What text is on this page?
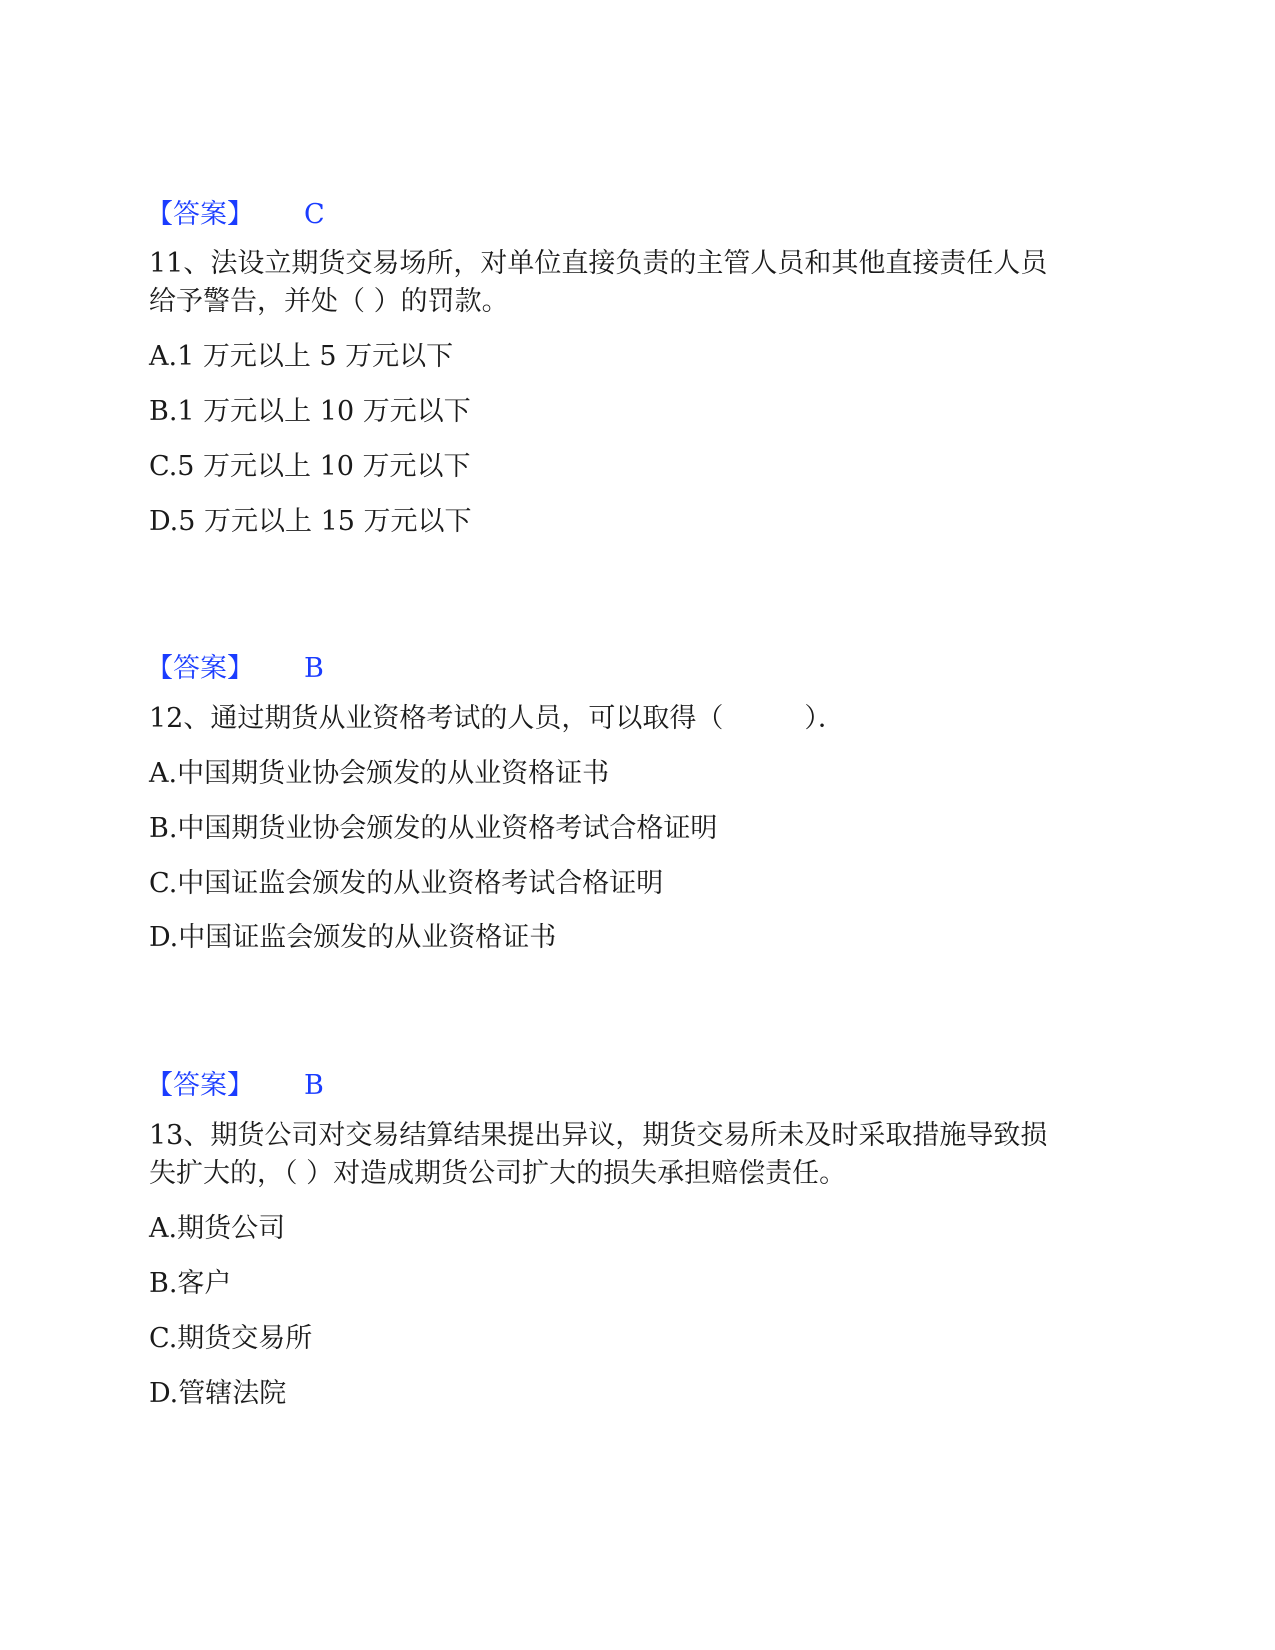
【答案】 C
11、法设立期货交易场所，对单位直接负责的主管人员和其他直接责任人员
给予警告，并处（ ）的罚款。
A.1 万元以上 5 万元以下
B.1 万元以上 10 万元以下
C.5 万元以上 10 万元以下
D.5 万元以上 15 万元以下
【答案】 B
12、通过期货从业资格考试的人员，可以取得（　　　）．
A.中国期货业协会颁发的从业资格证书
B.中国期货业协会颁发的从业资格考试合格证明
C.中国证监会颁发的从业资格考试合格证明
D.中国证监会颁发的从业资格证书
【答案】 B
13、期货公司对交易结算结果提出异议，期货交易所未及时采取措施导致损
失扩大的，（ ）对造成期货公司扩大的损失承担赔偿责任。
A.期货公司
B.客户
C.期货交易所
D.管辖法院
